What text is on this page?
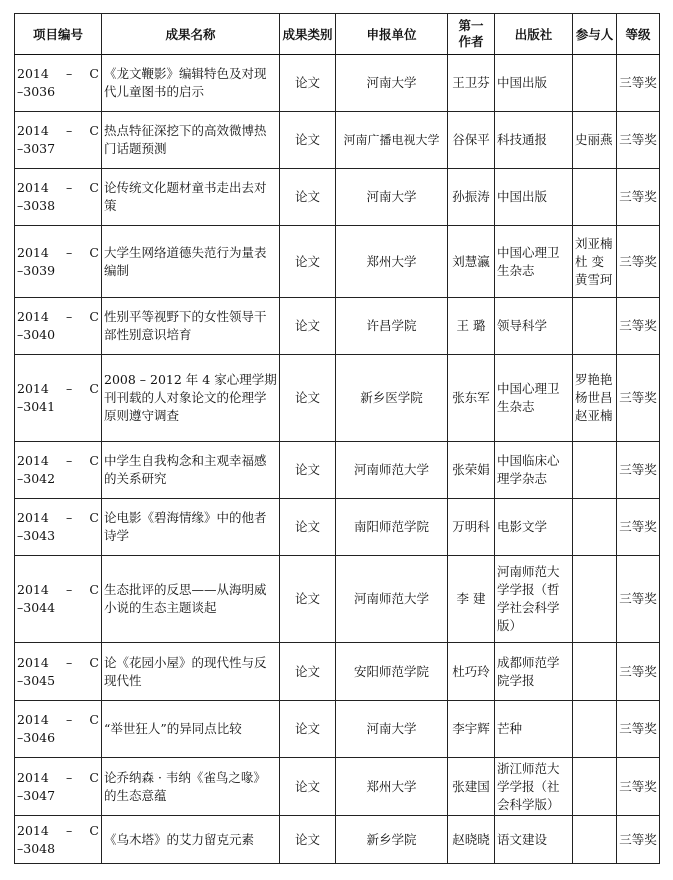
项目编号	成果名称	成果类别	申报单位	第一作者	出版社	参与人	等级

2014 – C
–3036	《龙文鞭影》编辑特色及对现代儿童图书的启示	论文	河南大学	王卫芬	中国出版		三等奖

2014 – C
–3037	热点特征深挖下的高效微博热门话题预测	论文	河南广播电视大学	谷保平	科技通报	史丽燕	三等奖

2014 – C
–3038	论传统文化题材童书走出去对策	论文	河南大学	孙振涛	中国出版		三等奖

2014 – C
–3039	大学生网络道德失范行为量表编制	论文	郑州大学	刘慧瀛	中国心理卫生杂志	刘亚楠 杜 变 黄雪珂	三等奖

2014 – C
–3040	性别平等视野下的女性领导干部性别意识培育	论文	许昌学院	王 璐	领导科学		三等奖

2014 – C
–3041	2008 – 2012 年 4 家心理学期刊刊载的人对象论文的伦理学原则遵守调查	论文	新乡医学院	张东军	中国心理卫生杂志	罗艳艳 杨世昌 赵亚楠	三等奖

2014 – C
–3042	中学生自我构念和主观幸福感的关系研究	论文	河南师范大学	张荣娟	中国临床心理学杂志		三等奖

2014 – C
–3043	论电影《碧海情缘》中的他者诗学	论文	南阳师范学院	万明科	电影文学		三等奖

2014 – C
–3044	生态批评的反思——从海明威小说的生态主题谈起	论文	河南师范大学	李 建	河南师范大学学报（哲学社会科学版）		三等奖

2014 – C
–3045	论《花园小屋》的现代性与反现代性	论文	安阳师范学院	杜巧玲	成都师范学院学报		三等奖

2014 – C
–3046	“举世狂人”的异同点比较	论文	河南大学	李宇辉	芒种		三等奖

2014 – C
–3047	论乔纳森 · 韦纳《雀鸟之喙》的生态意蕴	论文	郑州大学	张建国	浙江师范大学学报（社会科学版）		三等奖

2014 – C
–3048	《乌木塔》的艾力留克元素	论文	新乡学院	赵晓晓	语文建设		三等奖
